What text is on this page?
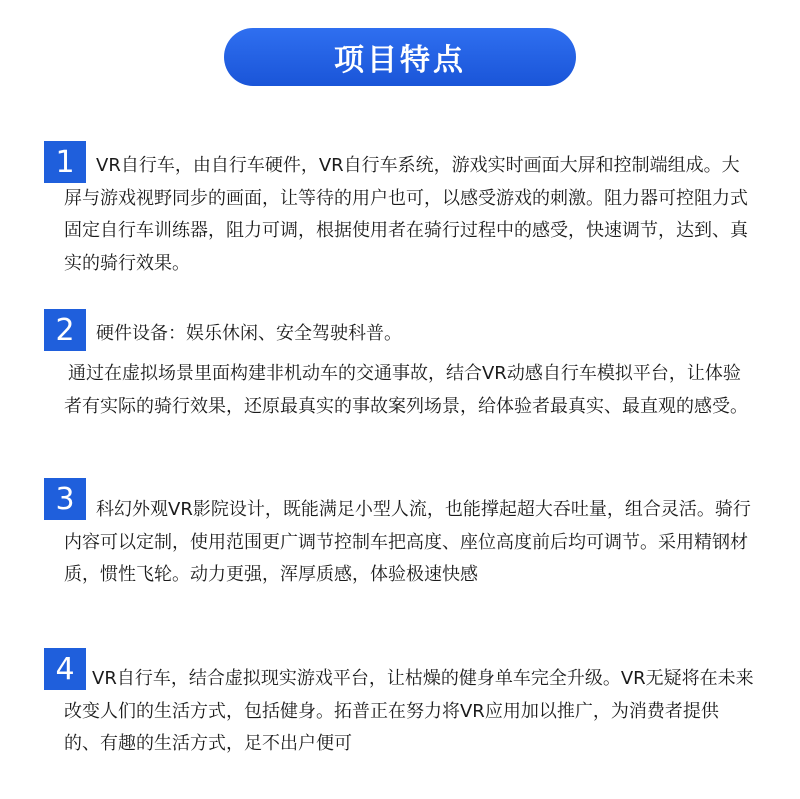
项目特点
1	VR自行车，由自行车硬件，VR自行车系统，游戏实时画面大屏和控制端组成。大屏与游戏视野同步的画面，让等待的用户也可，以感受游戏的刺激。阻力器可控阻力式固定自行车训练器，阻力可调，根据使用者在骑行过程中的感受，快速调节，达到、真实的骑行效果。

2	硬件设备：娱乐休闲、安全驾驶科普。

通过在虚拟场景里面构建非机动车的交通事故，结合VR动感自行车模拟平台，让体验者有实际的骑行效果，还原最真实的事故案列场景，给体验者最真实、最直观的感受。

3	科幻外观VR影院设计，既能满足小型人流，也能撑起超大吞吐量，组合灵活。骑行内容可以定制，使用范围更广调节控制车把高度、座位高度前后均可调节。采用精钢材质，惯性飞轮。动力更强，浑厚质感，体验极速快感

4 VR自行车，结合虚拟现实游戏平台，让枯燥的健身单车完全升级。VR无疑将在未来改变人们的生活方式，包括健身。拓普正在努力将VR应用加以推广，为消费者提供的、有趣的生活方式，足不出户便可
